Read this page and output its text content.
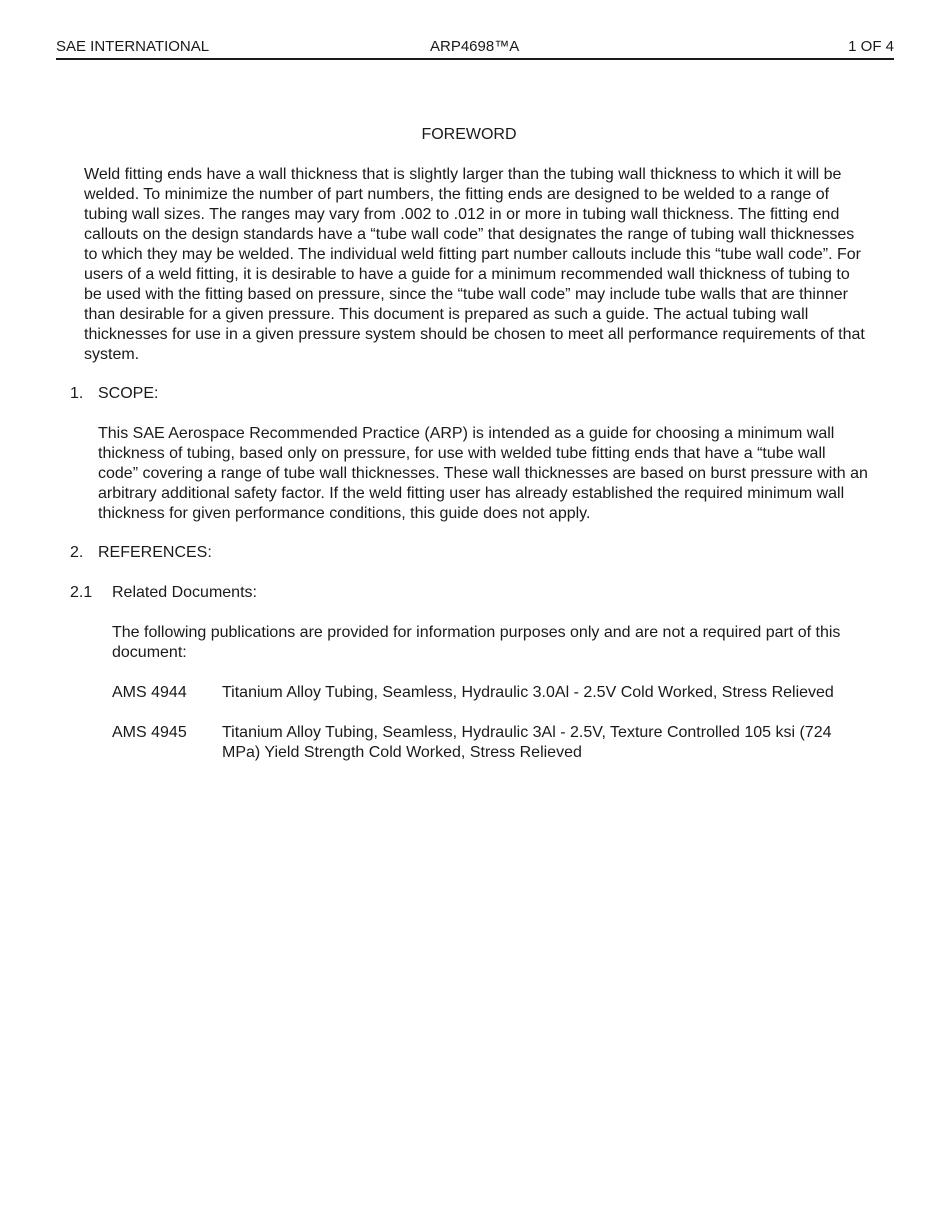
SAE INTERNATIONAL	ARP4698™A	1 OF 4
FOREWORD

Weld fitting ends have a wall thickness that is slightly larger than the tubing wall thickness to which it will be welded. To minimize the number of part numbers, the fitting ends are designed to be welded to a range of tubing wall sizes. The ranges may vary from .002 to .012 in or more in tubing wall thickness. The fitting end callouts on the design standards have a “tube wall code” that designates the range of tubing wall thicknesses to which they may be welded. The individual weld fitting part number callouts include this “tube wall code”. For users of a weld fitting, it is desirable to have a guide for a minimum recommended wall thickness of tubing to be used with the fitting based on pressure, since the “tube wall code” may include tube walls that are thinner than desirable for a given pressure. This document is prepared as such a guide. The actual tubing wall thicknesses for use in a given pressure system should be chosen to meet all performance requirements of that system.

1. SCOPE:

This SAE Aerospace Recommended Practice (ARP) is intended as a guide for choosing a minimum wall thickness of tubing, based only on pressure, for use with welded tube fitting ends that have a “tube wall code” covering a range of tube wall thicknesses. These wall thicknesses are based on burst pressure with an arbitrary additional safety factor. If the weld fitting user has already established the required minimum wall thickness for given performance conditions, this guide does not apply.

2. REFERENCES:
2.1 Related Documents:

The following publications are provided for information purposes only and are not a required part of this document:

AMS 4944 Titanium Alloy Tubing, Seamless, Hydraulic 3.0Al - 2.5V Cold Worked, Stress Relieved
AMS 4945 Titanium Alloy Tubing, Seamless, Hydraulic 3Al - 2.5V, Texture Controlled 105 ksi (724 MPa) Yield Strength Cold Worked, Stress Relieved
